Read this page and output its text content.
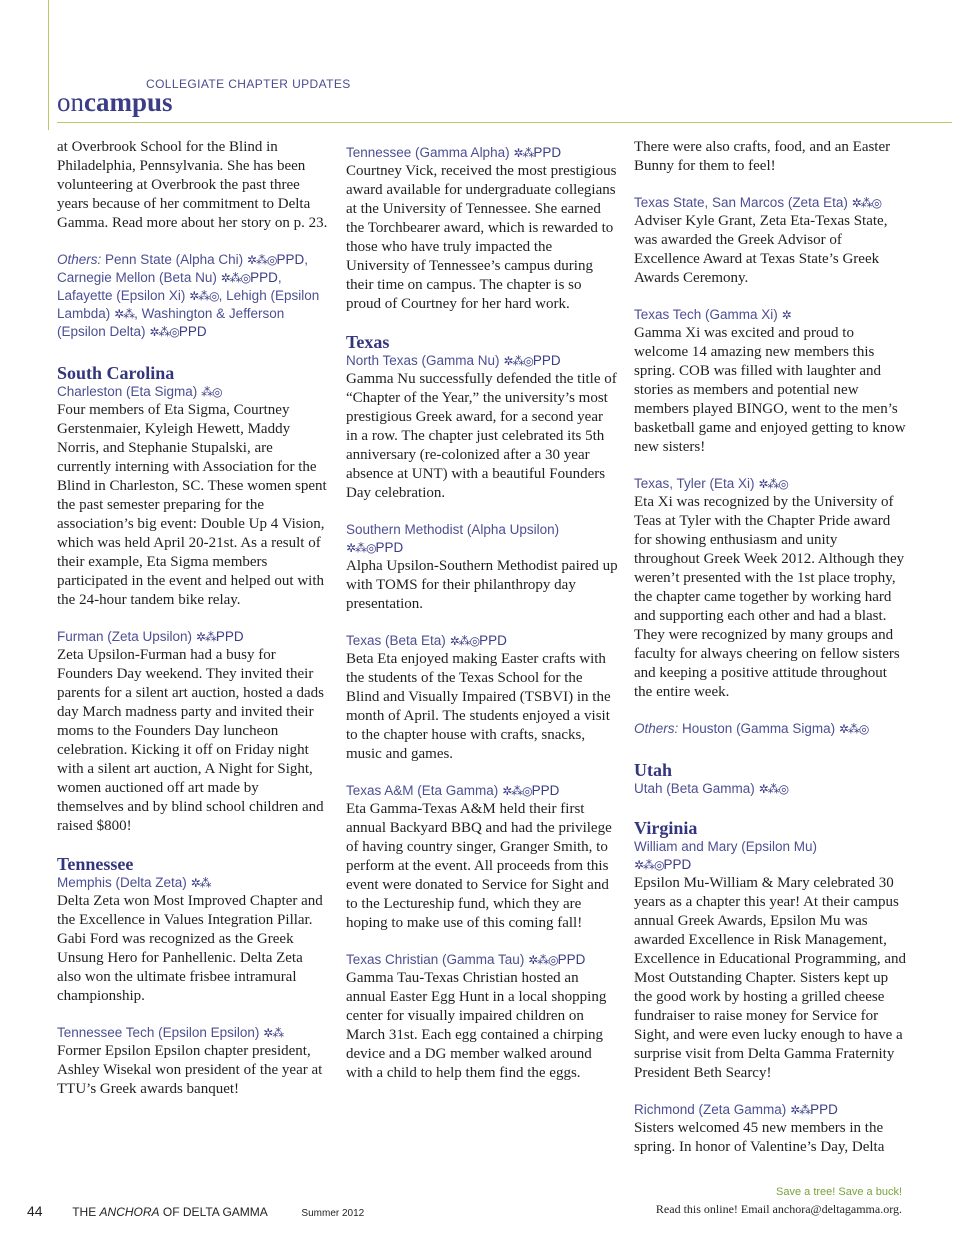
COLLEGIATE CHAPTER UPDATES
oncampus

at Overbrook School for the Blind in Philadelphia, Pennsylvania. She has been volunteering at Overbrook the past three years because of her commitment to Delta Gamma. Read more about her story on p. 23.

Others: Penn State (Alpha Chi) ✲⁂◎PPD, Carnegie Mellon (Beta Nu) ✲⁂◎PPD, Lafayette (Epsilon Xi) ✲⁂◎, Lehigh (Epsilon Lambda) ✲⁂, Washington & Jefferson (Epsilon Delta) ✲⁂◎PPD

South Carolina

Charleston (Eta Sigma) ⁂◎

Four members of Eta Sigma, Courtney Gerstenmaier, Kyleigh Hewett, Maddy Norris, and Stephanie Stupalski, are currently interning with Association for the Blind in Charleston, SC. These women spent the past semester preparing for the association’s big event: Double Up 4 Vision, which was held April 20-21st. As a result of their example, Eta Sigma members participated in the event and helped out with the 24-hour tandem bike relay.

Furman (Zeta Upsilon) ✲⁂PPD

Zeta Upsilon-Furman had a busy for Founders Day weekend. They invited their parents for a silent art auction, hosted a dads day March madness party and invited their moms to the Founders Day luncheon celebration. Kicking it off on Friday night with a silent art auction, A Night for Sight, women auctioned off art made by themselves and by blind school children and raised $800!

Tennessee

Memphis (Delta Zeta) ✲⁂

Delta Zeta won Most Improved Chapter and the Excellence in Values Integration Pillar. Gabi Ford was recognized as the Greek Unsung Hero for Panhellenic. Delta Zeta also won the ultimate frisbee intramural championship.

Tennessee Tech (Epsilon Epsilon) ✲⁂

Former Epsilon Epsilon chapter president, Ashley Wisekal won president of the year at TTU’s Greek awards banquet!

Tennessee (Gamma Alpha) ✲⁂PPD

Courtney Vick, received the most prestigious award available for undergraduate collegians at the University of Tennessee. She earned the Torchbearer award, which is rewarded to those who have truly impacted the University of Tennessee’s campus during their time on campus. The chapter is so proud of Courtney for her hard work.

Texas

North Texas (Gamma Nu) ✲⁂◎PPD

Gamma Nu successfully defended the title of “Chapter of the Year,” the university’s most prestigious Greek award, for a second year in a row. The chapter just celebrated its 5th anniversary (re-colonized after a 30 year absence at UNT) with a beautiful Founders Day celebration.

Southern Methodist (Alpha Upsilon)
✲⁂◎PPD

Alpha Upsilon-Southern Methodist paired up with TOMS for their philanthropy day presentation.

Texas (Beta Eta) ✲⁂◎PPD

Beta Eta enjoyed making Easter crafts with the students of the Texas School for the Blind and Visually Impaired (TSBVI) in the month of April. The students enjoyed a visit to the chapter house with crafts, snacks, music and games.

Texas A&M (Eta Gamma) ✲⁂◎PPD

Eta Gamma-Texas A&M held their first annual Backyard BBQ and had the privilege of having country singer, Granger Smith, to perform at the event. All proceeds from this event were donated to Service for Sight and to the Lectureship fund, which they are hoping to make use of this coming fall!

Texas Christian (Gamma Tau) ✲⁂◎PPD

Gamma Tau-Texas Christian hosted an annual Easter Egg Hunt in a local shopping center for visually impaired children on March 31st. Each egg contained a chirping device and a DG member walked around with a child to help them find the eggs.

There were also crafts, food, and an Easter Bunny for them to feel!

Texas State, San Marcos (Zeta Eta) ✲⁂◎

Adviser Kyle Grant, Zeta Eta-Texas State, was awarded the Greek Advisor of Excellence Award at Texas State’s Greek Awards Ceremony.

Texas Tech (Gamma Xi) ✲

Gamma Xi was excited and proud to welcome 14 amazing new members this spring. COB was filled with laughter and stories as members and potential new members played BINGO, went to the men’s basketball game and enjoyed getting to know new sisters!

Texas, Tyler (Eta Xi) ✲⁂◎

Eta Xi was recognized by the University of Teas at Tyler with the Chapter Pride award for showing enthusiasm and unity throughout Greek Week 2012. Although they weren’t presented with the 1st place trophy, the chapter came together by working hard and supporting each other and had a blast. They were recognized by many groups and faculty for always cheering on fellow sisters and keeping a positive attitude throughout the entire week.

Others: Houston (Gamma Sigma) ✲⁂◎

Utah

Utah (Beta Gamma) ✲⁂◎

Virginia

William and Mary (Epsilon Mu)
✲⁂◎PPD

Epsilon Mu-William & Mary celebrated 30 years as a chapter this year! At their campus annual Greek Awards, Epsilon Mu was awarded Excellence in Risk Management, Excellence in Educational Programming, and Most Outstanding Chapter. Sisters kept up the good work by hosting a grilled cheese fundraiser to raise money for Service for Sight, and were even lucky enough to have a surprise visit from Delta Gamma Fraternity President Beth Searcy!

Richmond (Zeta Gamma) ✲⁂PPD

Sisters welcomed 45 new members in the spring. In honor of Valentine’s Day, Delta

44 THE ANCHORA OF DELTA GAMMA	Summer 2012
Save a tree! Save a buck!
Read this online! Email anchora@deltagamma.org.
